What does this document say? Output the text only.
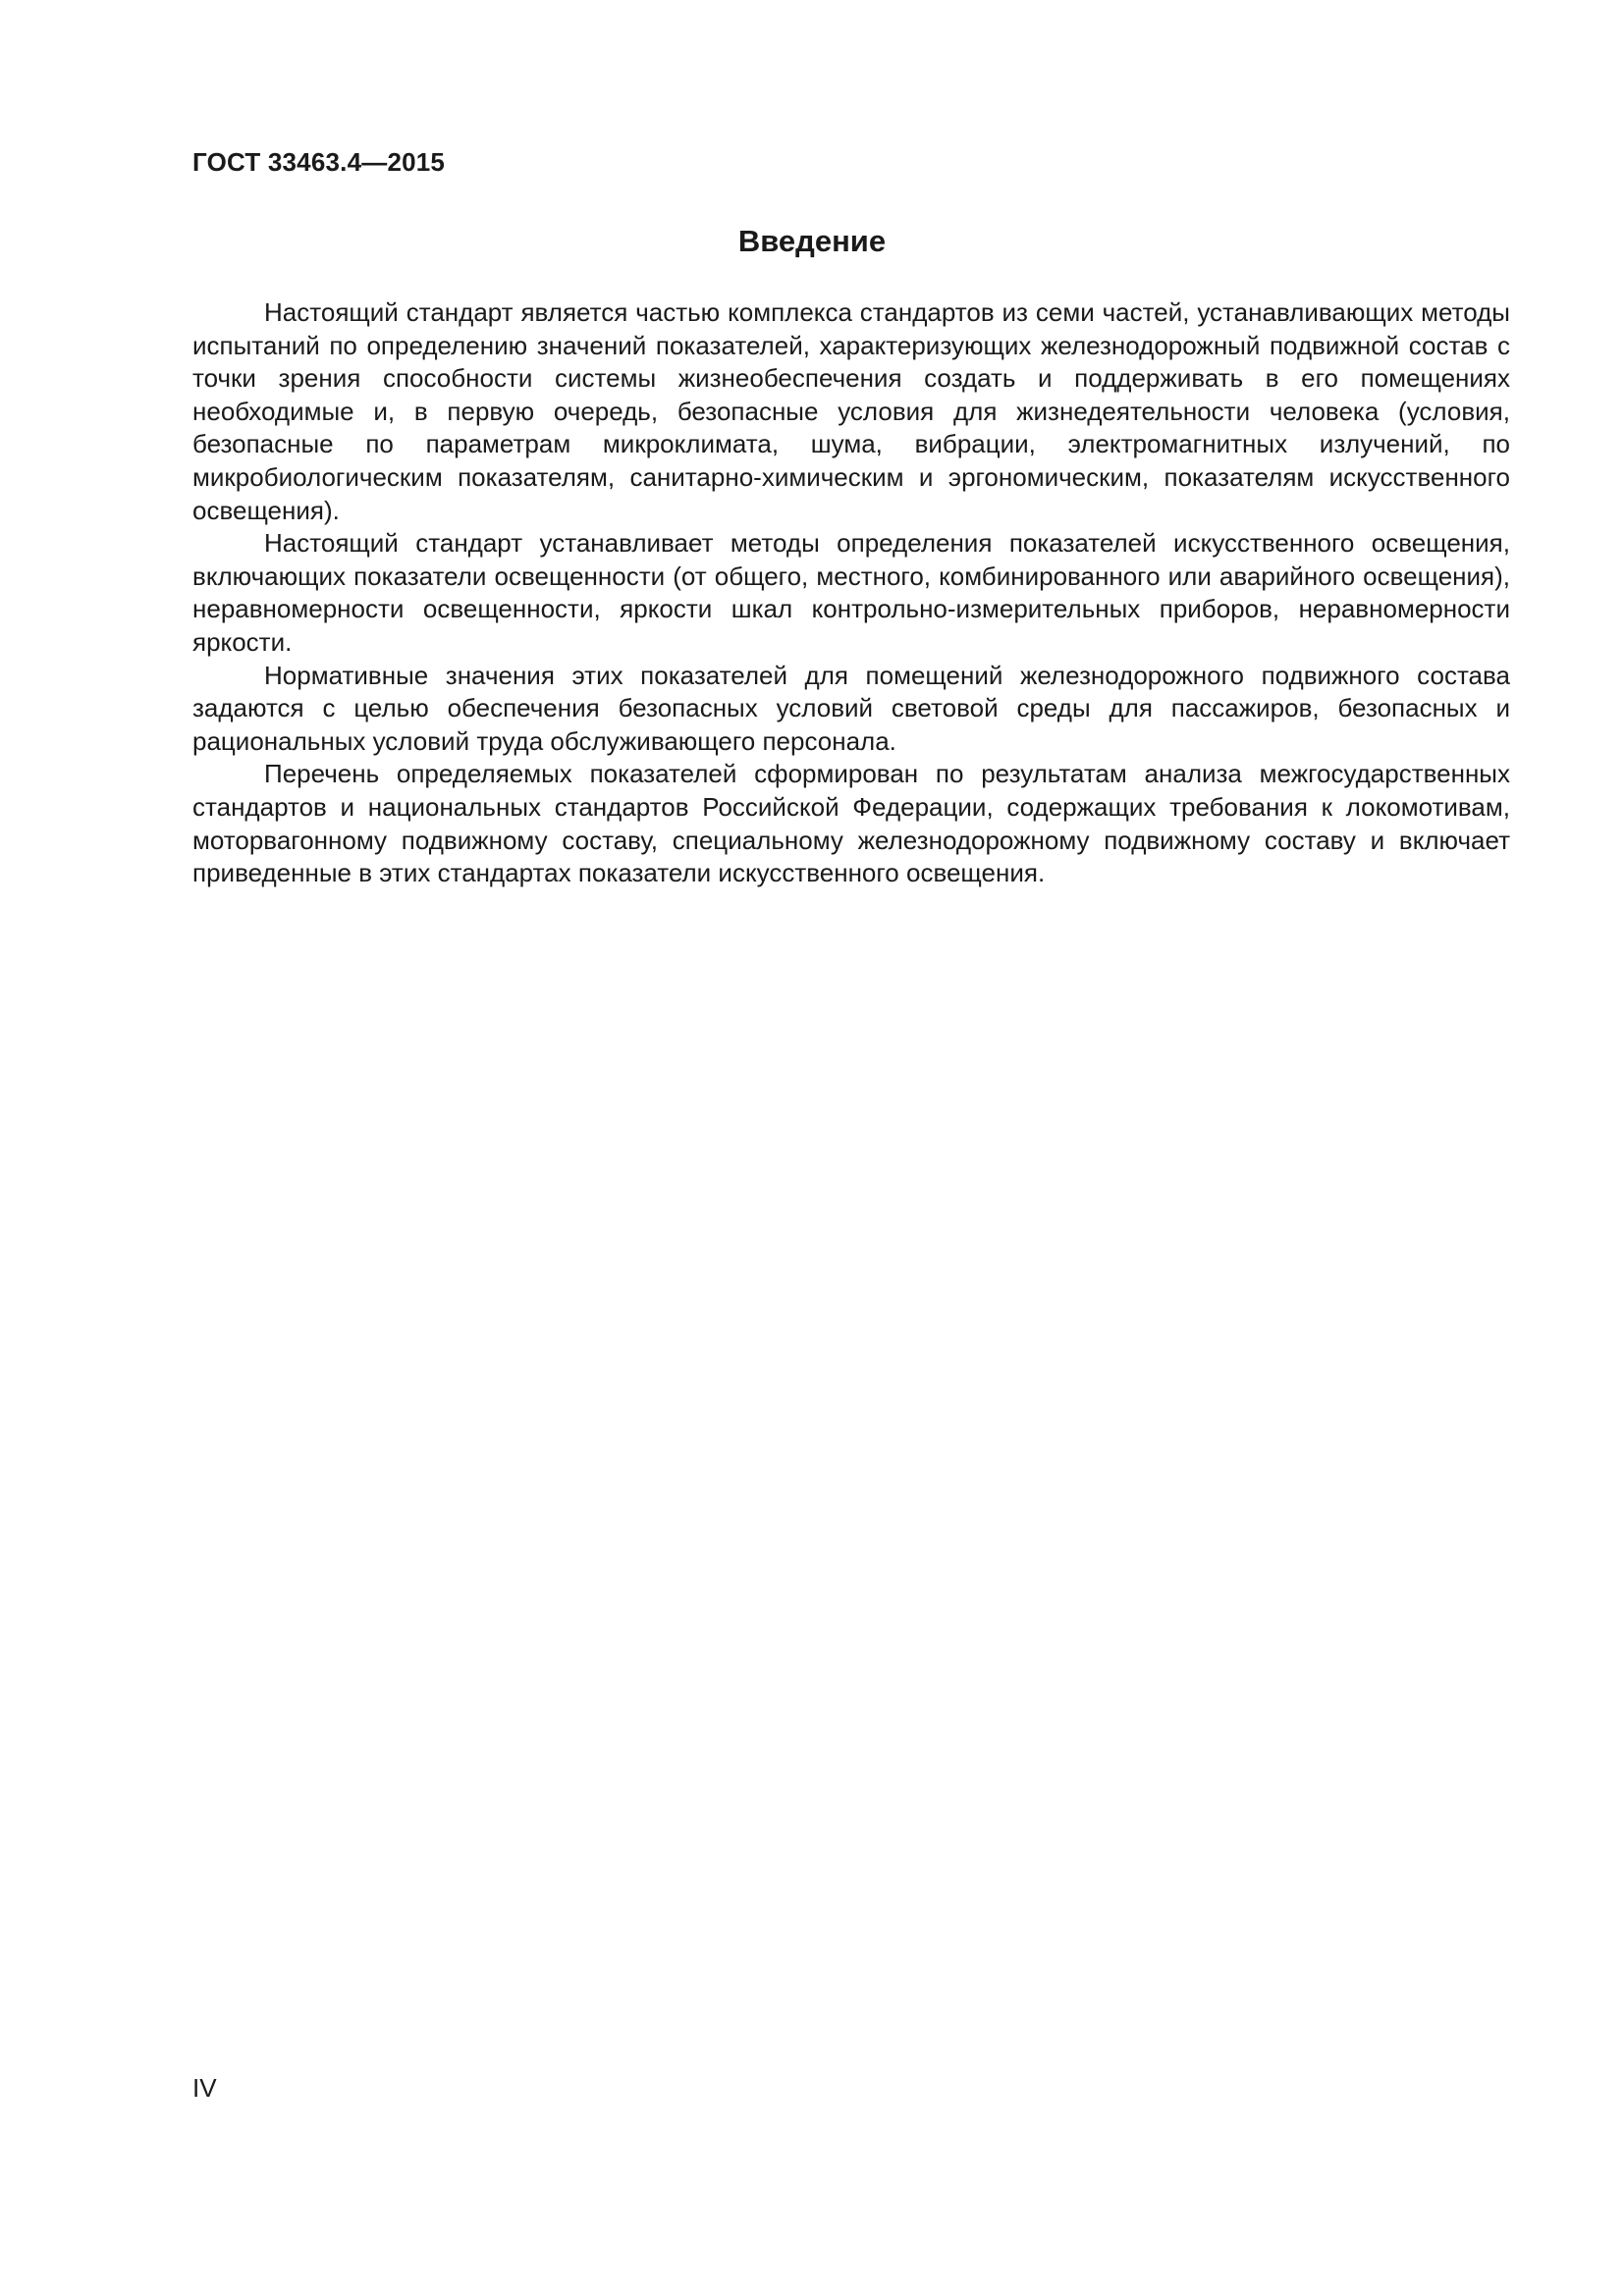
ГОСТ 33463.4—2015
Введение

Настоящий стандарт является частью комплекса стандартов из семи частей, устанавливающих методы испытаний по определению значений показателей, характеризующих железнодорожный подвижной состав с точки зрения способности системы жизнеобеспечения создать и поддерживать в его помещениях необходимые и, в первую очередь, безопасные условия для жизнедеятельности человека (условия, безопасные по параметрам микроклимата, шума, вибрации, электромагнитных излучений, по микробиологическим показателям, санитарно-химическим и эргономическим, показателям искусственного освещения).

Настоящий стандарт устанавливает методы определения показателей искусственного освещения, включающих показатели освещенности (от общего, местного, комбинированного или аварийного освещения), неравномерности освещенности, яркости шкал контрольно-измерительных приборов, неравномерности яркости.

Нормативные значения этих показателей для помещений железнодорожного подвижного состава задаются с целью обеспечения безопасных условий световой среды для пассажиров, безопасных и рациональных условий труда обслуживающего персонала.

Перечень определяемых показателей сформирован по результатам анализа межгосударственных стандартов и национальных стандартов Российской Федерации, содержащих требования к локомотивам, моторвагонному подвижному составу, специальному железнодорожному подвижному составу и включает приведенные в этих стандартах показатели искусственного освещения.

IV
